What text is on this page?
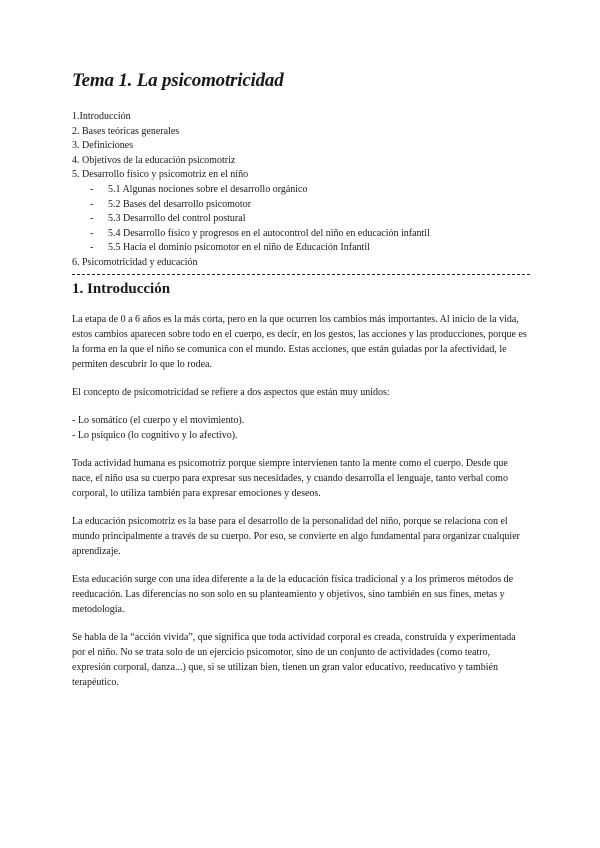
Tema 1. La psicomotricidad
1.Introducción
2. Bases teóricas generales
3. Definiciones
4. Objetivos de la educación psicomotriz
5. Desarrollo físico y psicomotriz en el niño
-	5.1 Algunas nociones sobre el desarrollo orgánico
-	5.2 Bases del desarrollo psicomotor
-	5.3 Desarrollo del control postural
-	5.4 Desarrollo físico y progresos en el autocontrol del niño en educación infantil
-	5.5 Hacia el dominio psicomotor en el niño de Educación Infantil
6. Psicomotricidad y educación
1. Introducción

La etapa de 0 a 6 años es la más corta, pero en la que ocurren los cambios más importantes. Al inicio de la vida, estos cambios aparecen sobre todo en el cuerpo, es decir, en los gestos, las acciones y las producciones, porque es la forma en la que el niño se comunica con el mundo. Estas acciones, que están guiadas por la afectividad, le permiten descubrir lo que lo rodea.

El concepto de psicomotricidad se refiere a dos aspectos que están muy unidos:

- Lo somático (el cuerpo y el movimiento).

- Lo psíquico (lo cognitivo y lo afectivo).

Toda actividad humana es psicomotriz porque siempre intervienen tanto la mente como el cuerpo. Desde que nace, el niño usa su cuerpo para expresar sus necesidades, y cuando desarrolla el lenguaje, tanto verbal como corporal, lo utiliza también para expresar emociones y deseos.

La educación psicomotriz es la base para el desarrollo de la personalidad del niño, porque se relaciona con el mundo principalmente a través de su cuerpo. Por eso, se convierte en algo fundamental para organizar cualquier aprendizaje.

Esta educación surge con una idea diferente a la de la educación física tradicional y a los primeros métodos de reeducación. Las diferencias no son solo en su planteamiento y objetivos, sino también en sus fines, metas y metodología.

Se habla de la “acción vivida”, que significa que toda actividad corporal es creada, construida y experimentada por el niño. No se trata solo de un ejercicio psicomotor, sino de un conjunto de actividades (como teatro, expresión corporal, danza...) que, si se utilizan bien, tienen un gran valor educativo, reeducativo y también terapéutico.
